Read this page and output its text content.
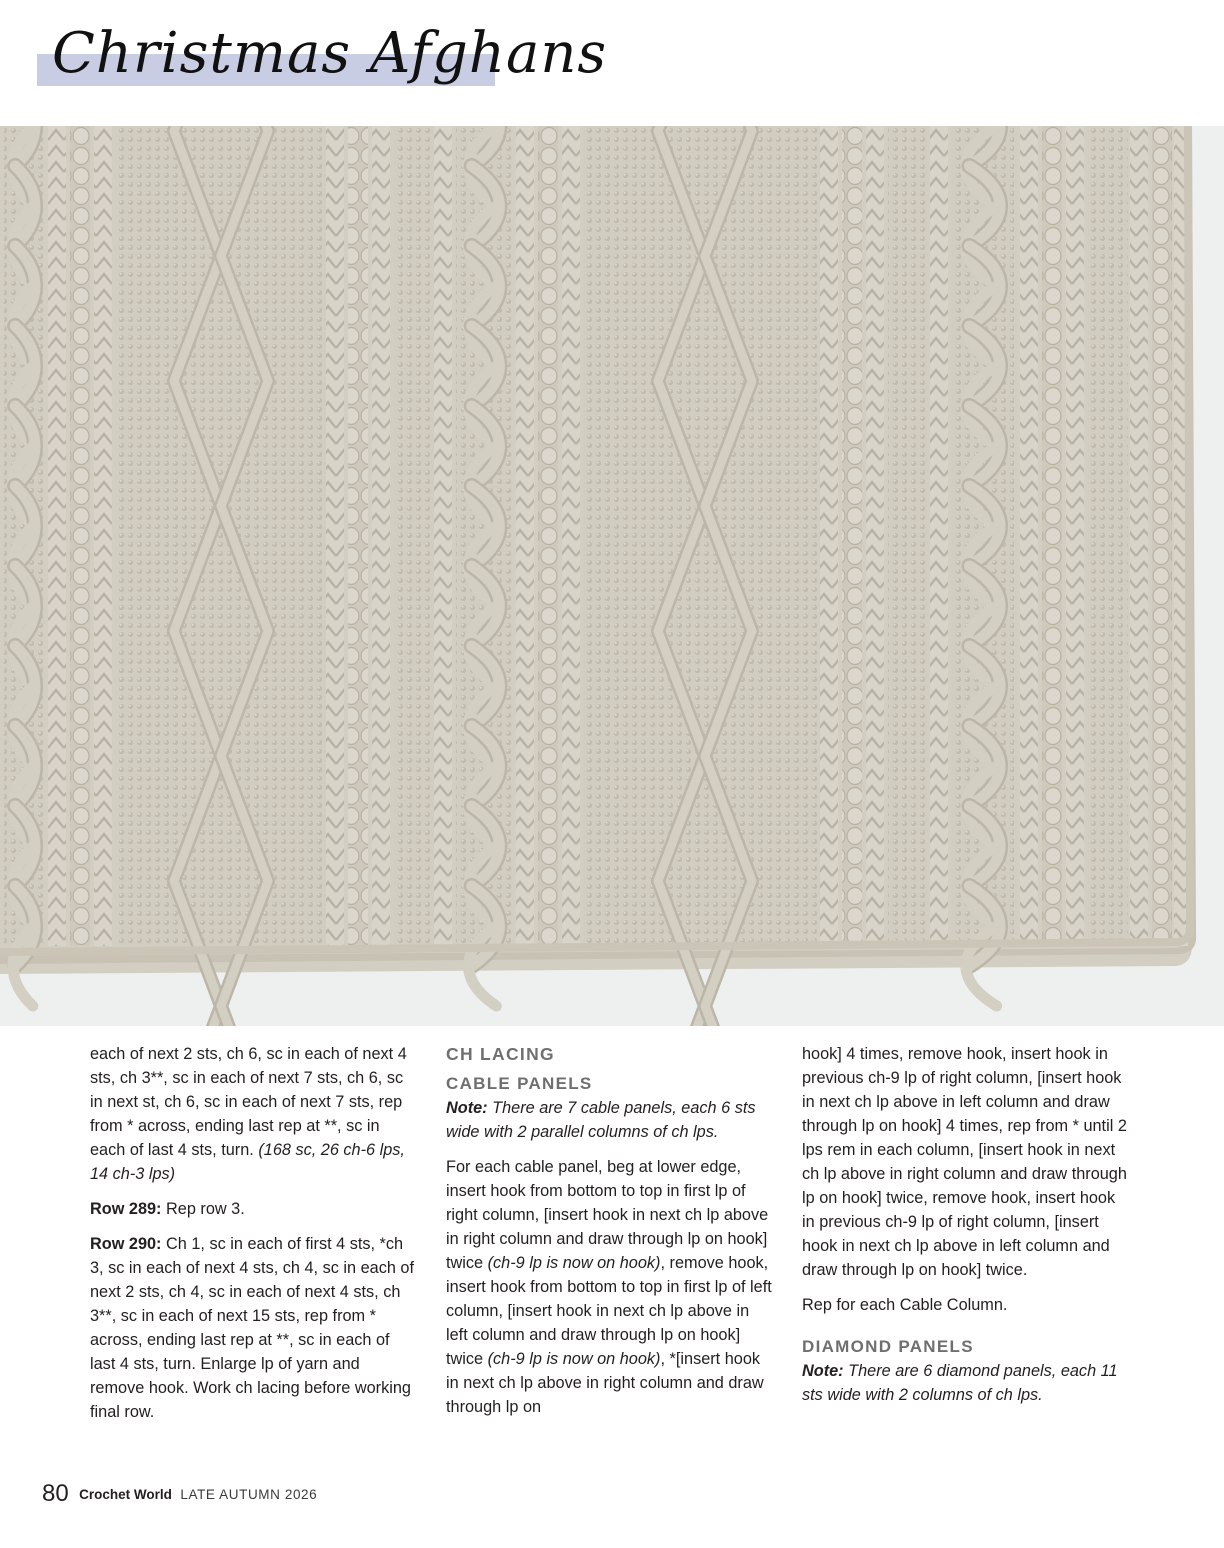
Christmas Afghans

each of next 2 sts, ch 6, sc in each of next 4 sts, ch 3**, sc in each of next 7 sts, ch 6, sc in next st, ch 6, sc in each of next 7 sts, rep from * across, ending last rep at **, sc in each of last 4 sts, turn. (168 sc, 26 ch-6 lps, 14 ch-3 lps)

Row 289: Rep row 3.

Row 290: Ch 1, sc in each of first 4 sts, *ch 3, sc in each of next 4 sts, ch 4, sc in each of next 2 sts, ch 4, sc in each of next 4 sts, ch 3**, sc in each of next 15 sts, rep from * across, ending last rep at **, sc in each of last 4 sts, turn. Enlarge lp of yarn and remove hook. Work ch lacing before working final row.

CH LACING
CABLE PANELS

Note: There are 7 cable panels, each 6 sts wide with 2 parallel columns of ch lps.

For each cable panel, beg at lower edge, insert hook from bottom to top in first lp of right column, [insert hook in next ch lp above in right column and draw through lp on hook] twice (ch-9 lp is now on hook), remove hook, insert hook from bottom to top in first lp of left column, [insert hook in next ch lp above in left column and draw through lp on hook] twice (ch-9 lp is now on hook), *[insert hook in next ch lp above in right column and draw through lp on

hook] 4 times, remove hook, insert hook in previous ch-9 lp of right column, [insert hook in next ch lp above in left column and draw through lp on hook] 4 times, rep from * until 2 lps rem in each column, [insert hook in next ch lp above in right column and draw through lp on hook] twice, remove hook, insert hook in previous ch-9 lp of right column, [insert hook in next ch lp above in left column and draw through lp on hook] twice.

Rep for each Cable Column.

DIAMOND PANELS

Note: There are 6 diamond panels, each 11 sts wide with 2 columns of ch lps.

80 Crochet World LATE AUTUMN 2026
